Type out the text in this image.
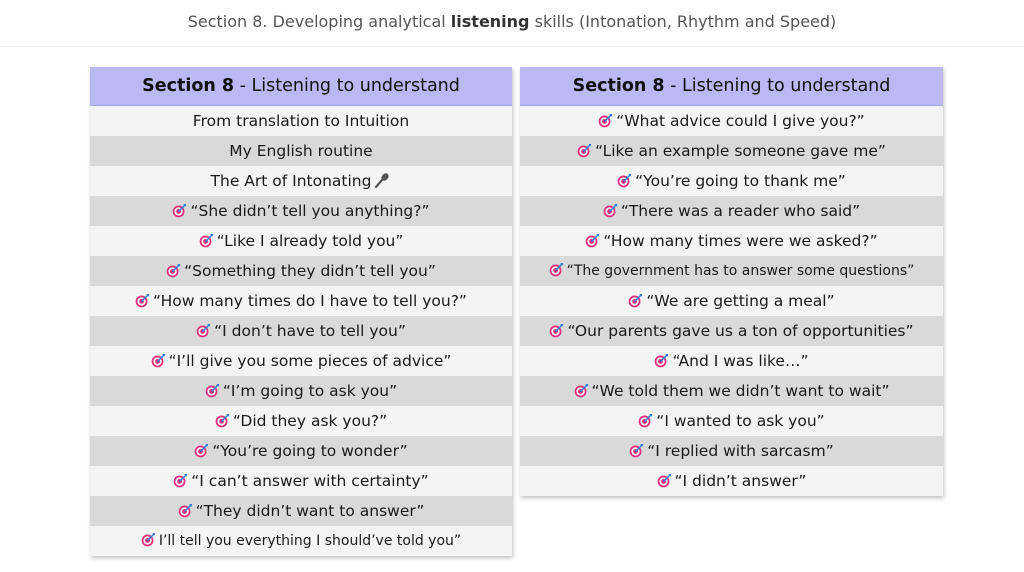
Section 8. Developing analytical listening skills (Intonation, Rhythm and Speed)
Section 8 - Listening to understand
From translation to Intuition
My English routine
The Art of Intonating
“She didn’t tell you anything?”
“Like I already told you”
“Something they didn’t tell you”
“How many times do I have to tell you?”
“I don’t have to tell you”
“I’ll give you some pieces of advice”
“I’m going to ask you”
“Did they ask you?”
“You’re going to wonder”
“I can’t answer with certainty”
“They didn’t want to answer”
I’ll tell you everything I should’ve told you”
Section 8 - Listening to understand
“What advice could I give you?”
“Like an example someone gave me”
“You’re going to thank me”
“There was a reader who said”
“How many times were we asked?”
“The government has to answer some questions”
“We are getting a meal”
“Our parents gave us a ton of opportunities”
“And I was like…”
“We told them we didn’t want to wait”
“I wanted to ask you”
“I replied with sarcasm”
“I didn’t answer”
